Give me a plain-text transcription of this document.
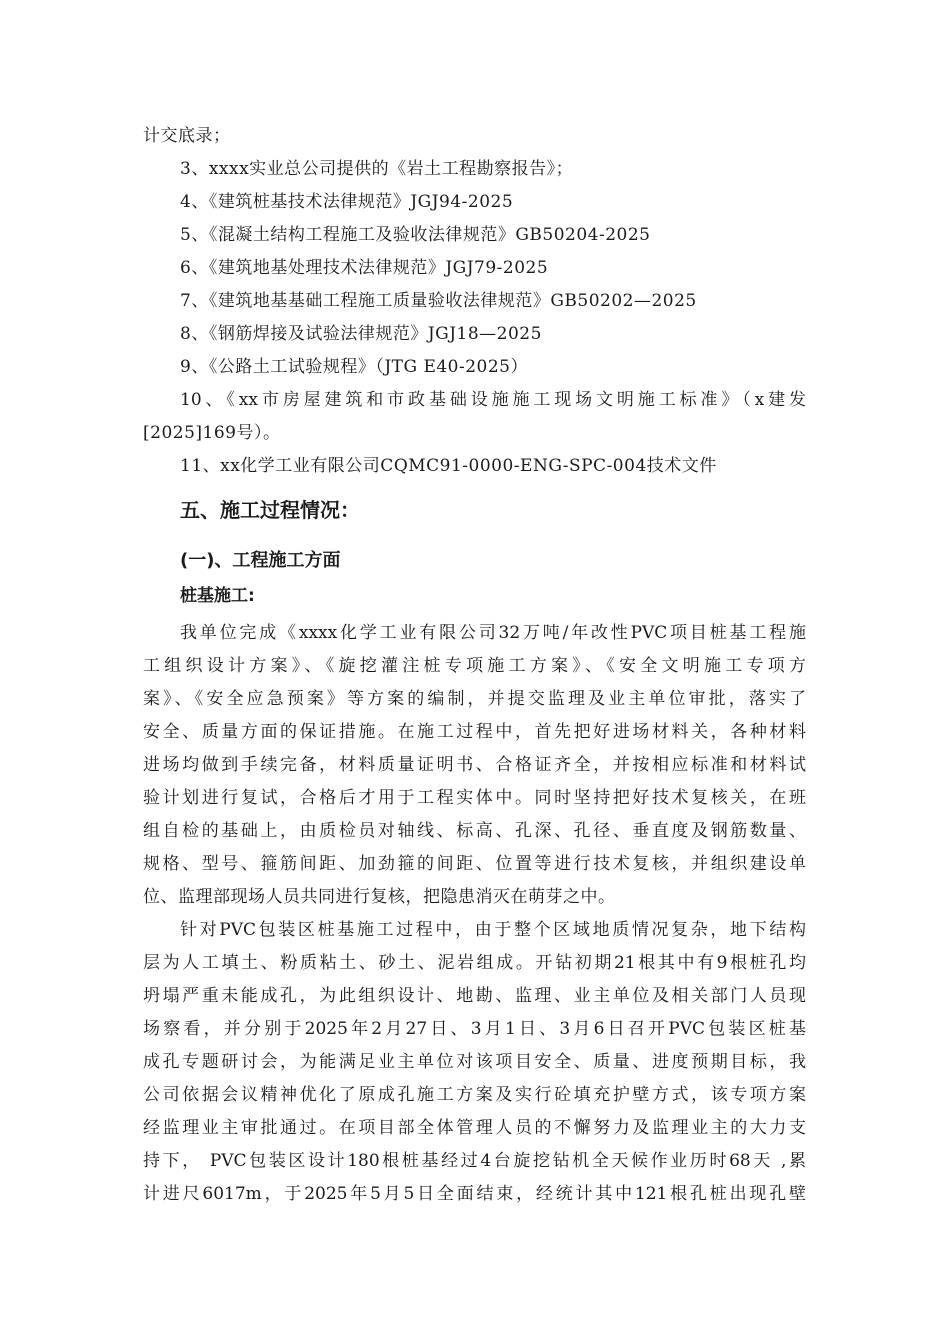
计交底录；
3、xxxx实业总公司提供的《岩土工程勘察报告》；
4、《建筑桩基技术法律规范》JGJ94-2025
5、《混凝土结构工程施工及验收法律规范》GB50204-2025
6、《建筑地基处理技术法律规范》JGJ79-2025
7、《建筑地基基础工程施工质量验收法律规范》GB50202—2025
8、《钢筋焊接及试验法律规范》JGJ18—2025
9、《公路土工试验规程》（JTG E40-2025）
10、《xx市房屋建筑和市政基础设施施工现场文明施工标准》（x建发
[2025]169号）。
11、xx化学工业有限公司CQMC91-0000-ENG-SPC-004技术文件
五、施工过程情况：
(一)、工程施工方面
桩基施工:
我单位完成《xxxx化学工业有限公司32万吨/年改性PVC项目桩基工程施
工组织设计方案》、《旋挖灌注桩专项施工方案》、《安全文明施工专项方
案》、《安全应急预案》等方案的编制，并提交监理及业主单位审批，落实了
安全、质量方面的保证措施。在施工过程中，首先把好进场材料关，各种材料
进场均做到手续完备，材料质量证明书、合格证齐全，并按相应标准和材料试
验计划进行复试，合格后才用于工程实体中。同时坚持把好技术复核关，在班
组自检的基础上，由质检员对轴线、标高、孔深、孔径、垂直度及钢筋数量、
规格、型号、箍筋间距、加劲箍的间距、位置等进行技术复核，并组织建设单
位、监理部现场人员共同进行复核，把隐患消灭在萌芽之中。
针对PVC包装区桩基施工过程中，由于整个区域地质情况复杂，地下结构
层为人工填土、粉质粘土、砂土、泥岩组成。开钻初期21根其中有9根桩孔均
坍塌严重未能成孔，为此组织设计、地勘、监理、业主单位及相关部门人员现
场察看，并分别于2025年2月27日、3月1日、3月6日召开PVC包装区桩基
成孔专题研讨会，为能满足业主单位对该项目安全、质量、进度预期目标，我
公司依据会议精神优化了原成孔施工方案及实行砼填充护壁方式，该专项方案
经监理业主审批通过。在项目部全体管理人员的不懈努力及监理业主的大力支
持下， PVC包装区设计180根桩基经过4台旋挖钻机全天候作业历时68天 ,累
计进尺6017m，于2025年5月5日全面结束，经统计其中121根孔桩出现孔壁
